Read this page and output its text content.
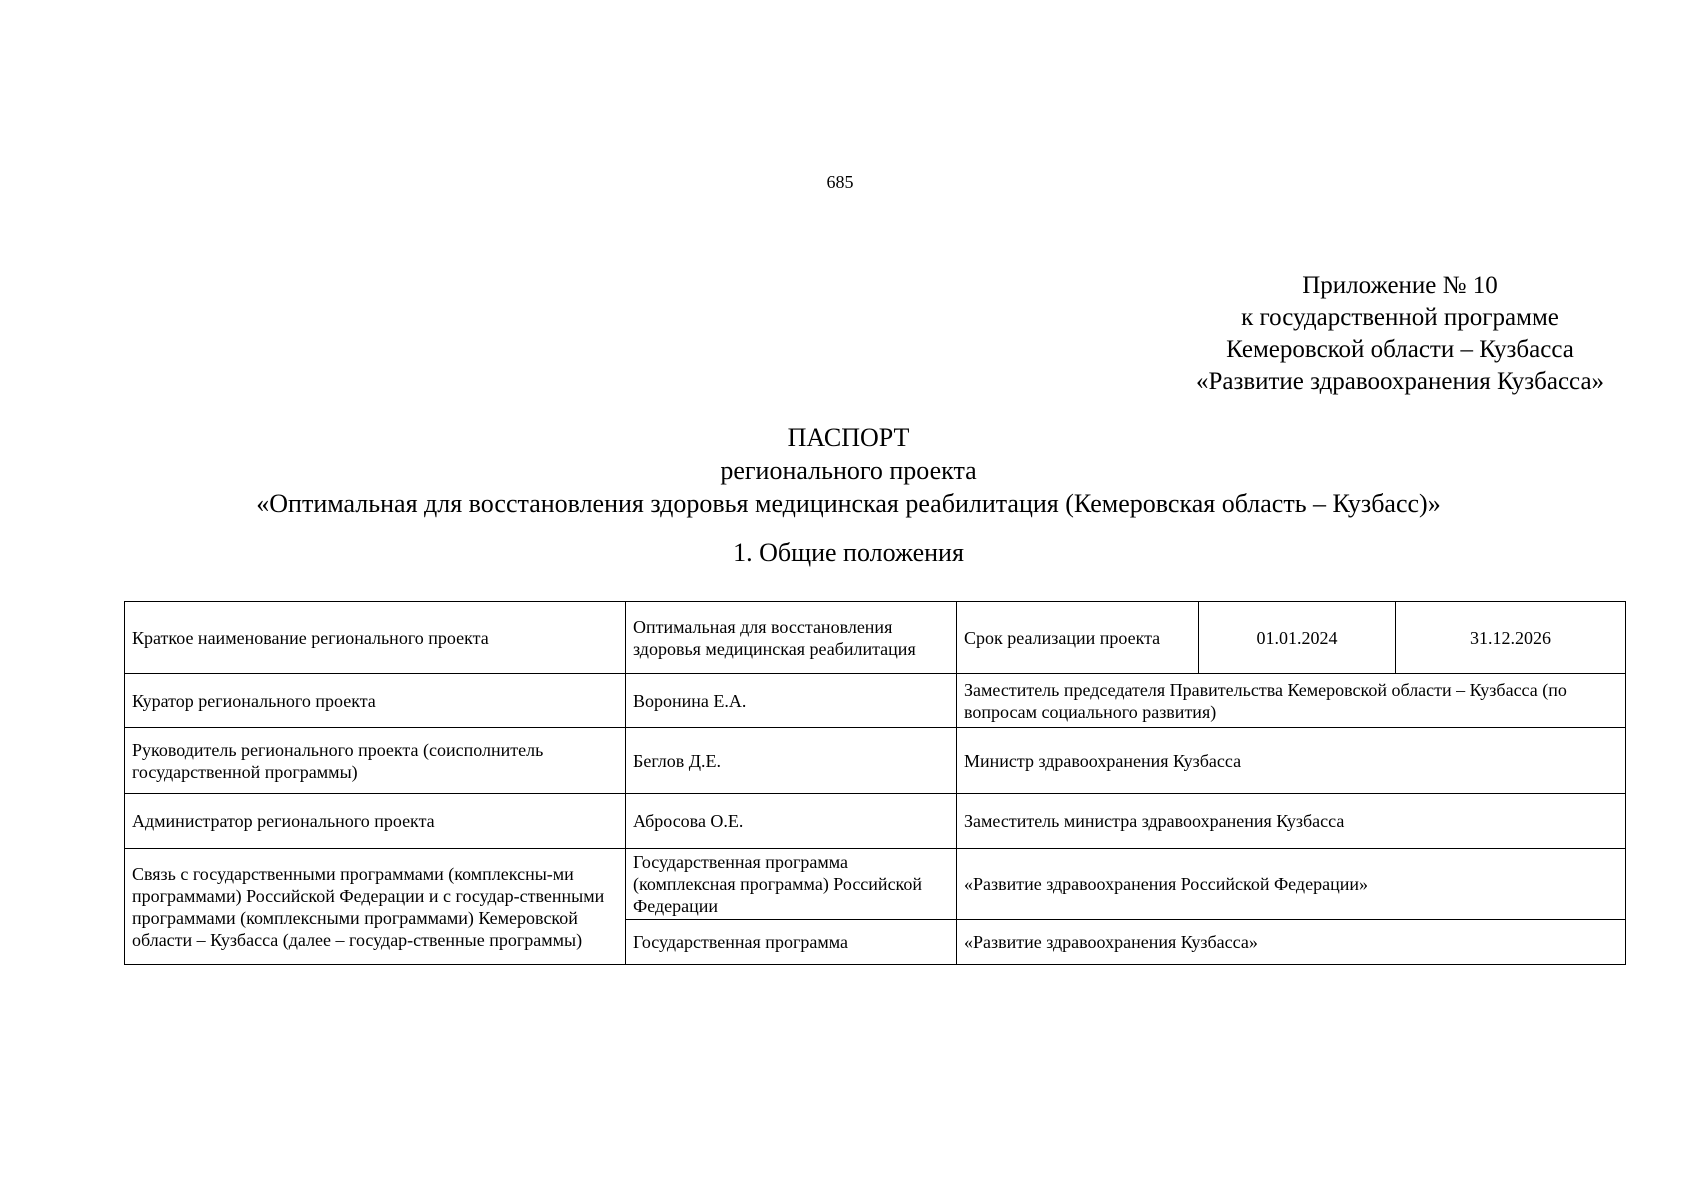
685
Приложение № 10
к государственной программе
Кемеровской области – Кузбасса
«Развитие здравоохранения Кузбасса»
ПАСПОРТ
регионального проекта
«Оптимальная для восстановления здоровья медицинская реабилитация (Кемеровская область – Кузбасс)»
1. Общие положения
Краткое наименование регионального проекта	Оптимальная для восстановления здоровья медицинская реабилитация	Срок реализации проекта	01.01.2024	31.12.2026
Куратор регионального проекта	Воронина Е.А.	Заместитель председателя Правительства Кемеровской области – Кузбасса (по вопросам социального развития)		
Руководитель регионального проекта (соисполнитель государственной программы)	Беглов Д.Е.	Министр здравоохранения Кузбасса		
Администратор регионального проекта	Абросова О.Е.	Заместитель министра здравоохранения Кузбасса		
Связь с государственными программами (комплексны-ми программами) Российской Федерации и с государ-ственными программами (комплексными программами) Кемеровской области – Кузбасса (далее – государ-ственные программы)	Государственная программа (комплексная программа) Российской Федерации	«Развитие здравоохранения Российской Федерации»		
	Государственная программа	«Развитие здравоохранения Кузбасса»		
